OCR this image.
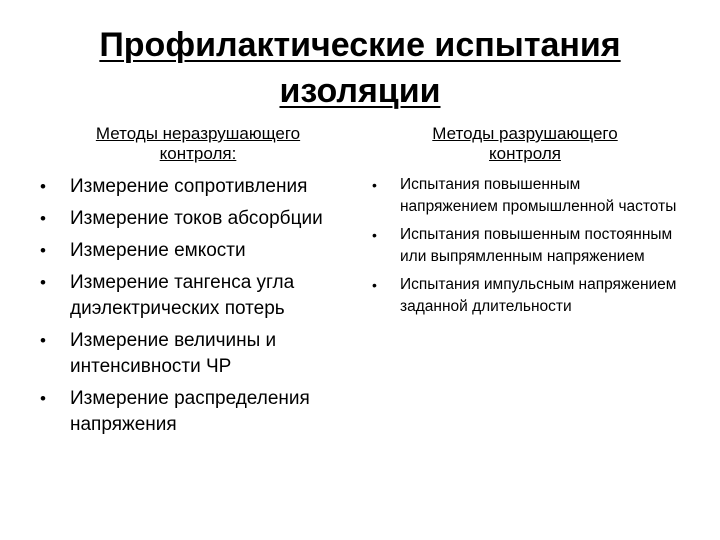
Профилактические испытания изоляции
Методы неразрушающего контроля:
• Измерение сопротивления
• Измерение токов абсорбции
• Измерение емкости
• Измерение тангенса угла диэлектрических потерь
• Измерение величины и интенсивности ЧР
• Измерение распределения напряжения
Методы разрушающего контроля
• Испытания повышенным напряжением промышленной частоты
• Испытания повышенным постоянным или выпрямленным напряжением
• Испытания импульсным напряжением заданной длительности
